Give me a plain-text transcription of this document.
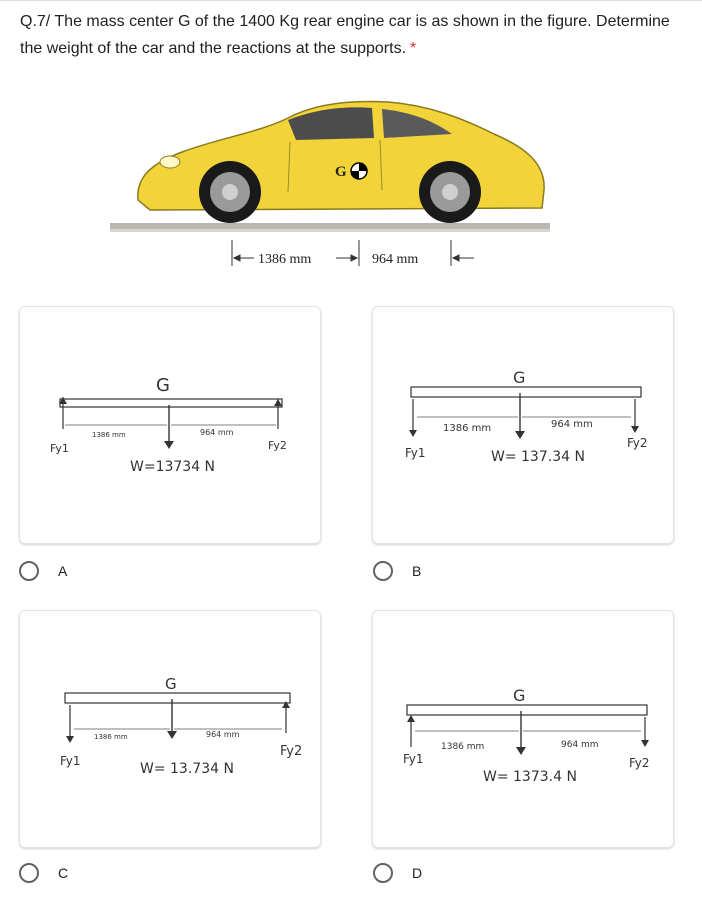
Q.7/ The mass center G of the 1400 Kg rear engine car is as shown in the figure. Determine the weight of the car and the reactions at the supports. *
G
1386 mm	964 mm
G
1386 mm	964 mm
Fy1	Fy2
W=13734 N
A
G
1386 mm	964 mm
Fy1
Fy2
W= 137.34 N
B
G
1386 mm	964 mm
Fy1
Fy2
W= 13.734 N
C
G
1386 mm	964 mm
Fy1	Fy2
W= 1373.4 N
D
